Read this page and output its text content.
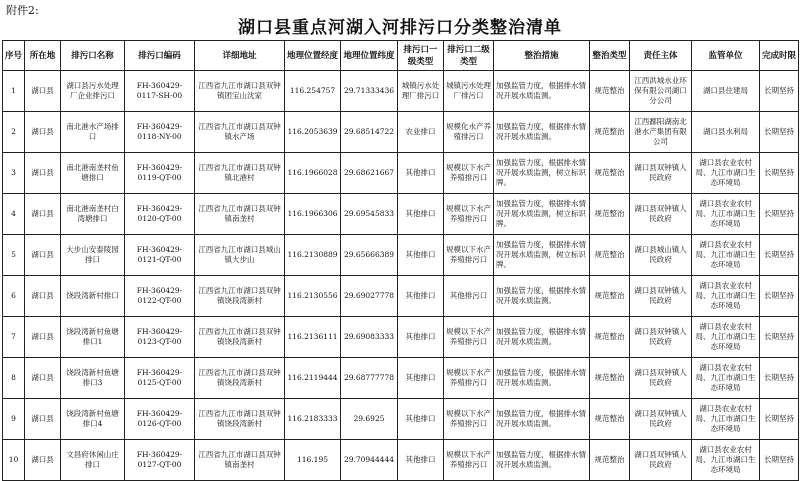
附件2:
湖口县重点河湖入河排污口分类整治清单
序号	所在地	排污口名称	排污口编码	详细地址	地理位置经度	地理位置纬度	排污口一级类型	排污口二级类型	整治措施	整治类型	责任主体	监管单位	完成时限
1	湖口县	湖口县污水处理厂企业排污口	FH-360429-0117-SH-00	江西省九江市湖口县双钟镇团宝山沈家	116.254757	29.71333436	城镇污水处理厂排污口	城镇污水处理厂排污口	加强监管力度，根据排水情况开展水质监测。	规范整治	江西洪城水业环保有限公司湖口分公司	湖口县住建局	长期坚持
2	湖口县	南北港水产场排口	FH-360429-0118-NY-00	江西省九江市湖口县双钟镇水产场	116.2053639	29.68514722	农业排口	规模化水产养殖排污口	加强监管力度，根据排水情况开展水质监测。	规范整治	江西鄱阳湖南北港水产集团有限公司	湖口县水利局	长期坚持
3	湖口县	南北港南垄村鱼塘排口	FH-360429-0119-QT-00	江西省九江市湖口县双钟镇北港村	116.1966028	29.68621667	其他排口	规模以下水产养殖排污口	加强监管力度，根据排水情况开展水质监测，树立标识牌。	规范整治	湖口县双钟镇人民政府	湖口县农业农村局、九江市湖口生态环境局	长期坚持
4	湖口县	南北港南垄村白湾塘排口	FH-360429-0120-QT-00	江西省九江市湖口县双钟镇南垄村	116.1966306	29.69545833	其他排口	规模以下水产养殖排污口	加强监管力度，根据排水情况开展水质监测，树立标识牌。	规范整治	湖口县双钟镇人民政府	湖口县农业农村局、九江市湖口生态环境局	长期坚持
5	湖口县	大步山安泰陵园排口	FH-360429-0121-QT-00	江西省九江市湖口县城山镇大步山	116.2130889	29.65666389	其他排口	规模以下水产养殖排污口	加强监管力度，根据排水情况开展水质监测，树立标识牌。	规范整治	湖口县城山镇人民政府	湖口县农业农村局、九江市湖口生态环境局	长期坚持
6	湖口县	饶段湾新村排口	FH-360429-0122-QT-00	江西省九江市湖口县双钟镇饶段湾新村	116.2130556	29.69027778	其他排口	其他排污口	加强监管力度，根据排水情况开展水质监测。	规范整治	湖口县双钟镇人民政府	湖口县农业农村局、九江市湖口生态环境局	长期坚持
7	湖口县	饶段湾新村鱼塘排口1	FH-360429-0123-QT-00	江西省九江市湖口县双钟镇饶段湾新村	116.2136111	29.69083333	其他排口	规模以下水产养殖排污口	加强监管力度，根据排水情况开展水质监测。	规范整治	湖口县双钟镇人民政府	湖口县农业农村局、九江市湖口生态环境局	长期坚持
8	湖口县	饶段湾新村鱼塘排口3	FH-360429-0125-QT-00	江西省九江市湖口县双钟镇饶段湾新村	116.2119444	29.68777778	其他排口	规模以下水产养殖排污口	加强监管力度，根据排水情况开展水质监测。	规范整治	湖口县双钟镇人民政府	湖口县农业农村局、九江市湖口生态环境局	长期坚持
9	湖口县	饶段湾新村鱼塘排口4	FH-360429-0126-QT-00	江西省九江市湖口县双钟镇饶段湾新村	116.2183333	29.6925	其他排口	规模以下水产养殖排污口	加强监管力度，根据排水情况开展水质监测。	规范整治	湖口县双钟镇人民政府	湖口县农业农村局、九江市湖口生态环境局	长期坚持
10	湖口县	文昌府休闲山庄排口	FH-360429-0127-QT-00	江西省九江市湖口县双钟镇南垄村	116.195	29.70944444	其他排口	规模以下水产养殖排污口	加强监管力度，根据排水情况开展水质监测。	规范整治	湖口县双钟镇人民政府	湖口县农业农村局、九江市湖口生态环境局	长期坚持
